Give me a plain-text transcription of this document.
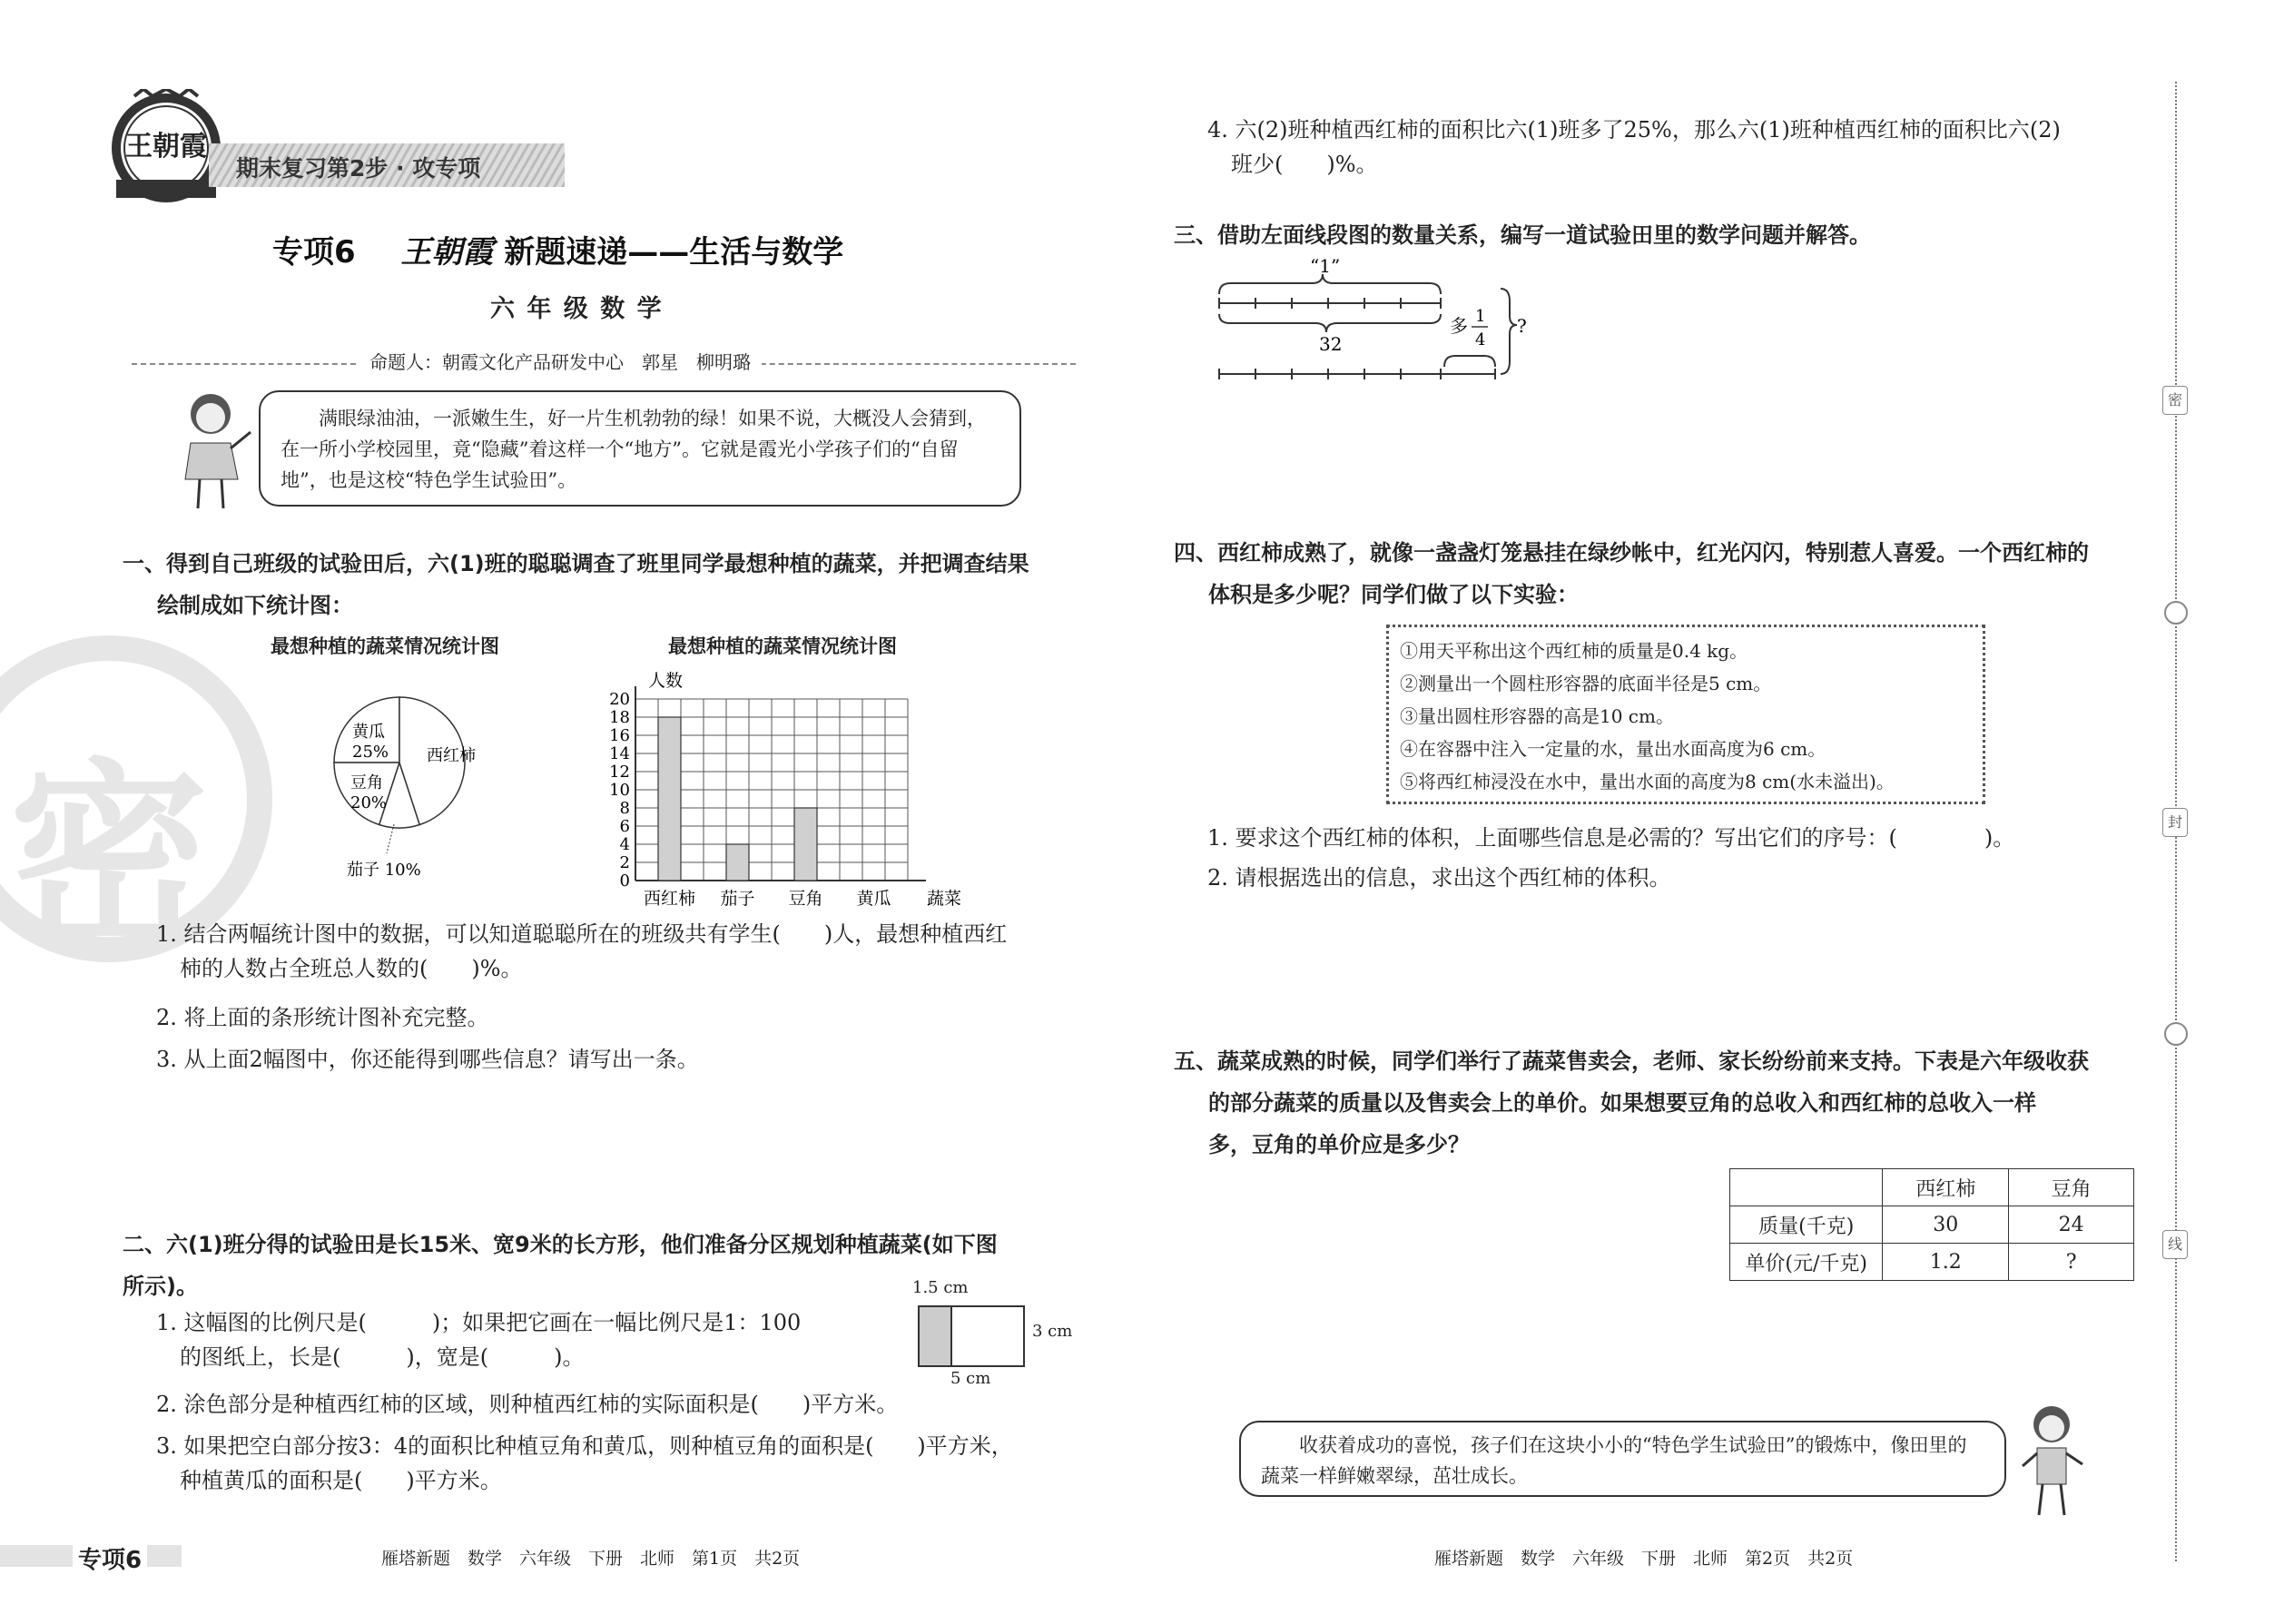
密
王朝霞
期末复习第2步 · 攻专项
专项6 王朝霞 新题速递——生活与数学
六 年 级 数 学
命题人：朝霞文化产品研发中心　郭星　柳明璐
满眼绿油油，一派嫩生生，好一片生机勃勃的绿！如果不说，大概没人会猜到，在一所小学校园里，竟“隐藏”着这样一个“地方”。它就是霞光小学孩子们的“自留地”，也是这校“特色学生试验田”。
一、得到自己班级的试验田后，六(1)班的聪聪调查了班里同学最想种植的蔬菜，并把调查结果
绘制成如下统计图：
最想种植的蔬菜情况统计图	最想种植的蔬菜情况统计图
黄瓜
25%
豆角
20%
西红柿
茄子 10%
0
2
4
6
8
10
12
14
16
18
20
人数
西红柿 茄子 豆角 黄瓜 蔬菜
1. 结合两幅统计图中的数据，可以知道聪聪所在的班级共有学生(　　)人，最想种植西红
柿的人数占全班总人数的(　　)%。
2. 将上面的条形统计图补充完整。
3. 从上面2幅图中，你还能得到哪些信息？请写出一条。
二、六(1)班分得的试验田是长15米、宽9米的长方形，他们准备分区规划种植蔬菜(如下图
所示)。
1. 这幅图的比例尺是(　　　)；如果把它画在一幅比例尺是1：100
的图纸上，长是(　　　)，宽是(　　　)。
2. 涂色部分是种植西红柿的区域，则种植西红柿的实际面积是(　　)平方米。
3. 如果把空白部分按3：4的面积比种植豆角和黄瓜，则种植豆角的面积是(　　)平方米，
种植黄瓜的面积是(　　)平方米。
1.5 cm
3 cm
5 cm
专项6	雁塔新题　数学　六年级　下册　北师　第1页　共2页
4. 六(2)班种植西红柿的面积比六(1)班多了25%，那么六(1)班种植西红柿的面积比六(2)
班少(　　)%。
三、借助左面线段图的数量关系，编写一道试验田里的数学问题并解答。
“1”
32
多 1
4
?
四、西红柿成熟了，就像一盏盏灯笼悬挂在绿纱帐中，红光闪闪，特别惹人喜爱。一个西红柿的
体积是多少呢？同学们做了以下实验：
①用天平称出这个西红柿的质量是0.4 kg。
②测量出一个圆柱形容器的底面半径是5 cm。
③量出圆柱形容器的高是10 cm。
④在容器中注入一定量的水，量出水面高度为6 cm。
⑤将西红柿浸没在水中，量出水面的高度为8 cm(水未溢出)。
1. 要求这个西红柿的体积，上面哪些信息是必需的？写出它们的序号：(　　　　)。
2. 请根据选出的信息，求出这个西红柿的体积。
五、蔬菜成熟的时候，同学们举行了蔬菜售卖会，老师、家长纷纷前来支持。下表是六年级收获
的部分蔬菜的质量以及售卖会上的单价。如果想要豆角的总收入和西红柿的总收入一样
多，豆角的单价应是多少？
	西红柿	豆角
质量(千克)	30	24
单价(元/千克)	1.2	?
收获着成功的喜悦，孩子们在这块小小的“特色学生试验田”的锻炼中，像田里的蔬菜一样鲜嫩翠绿，茁壮成长。
雁塔新题　数学　六年级　下册　北师　第2页　共2页
密
封
线
